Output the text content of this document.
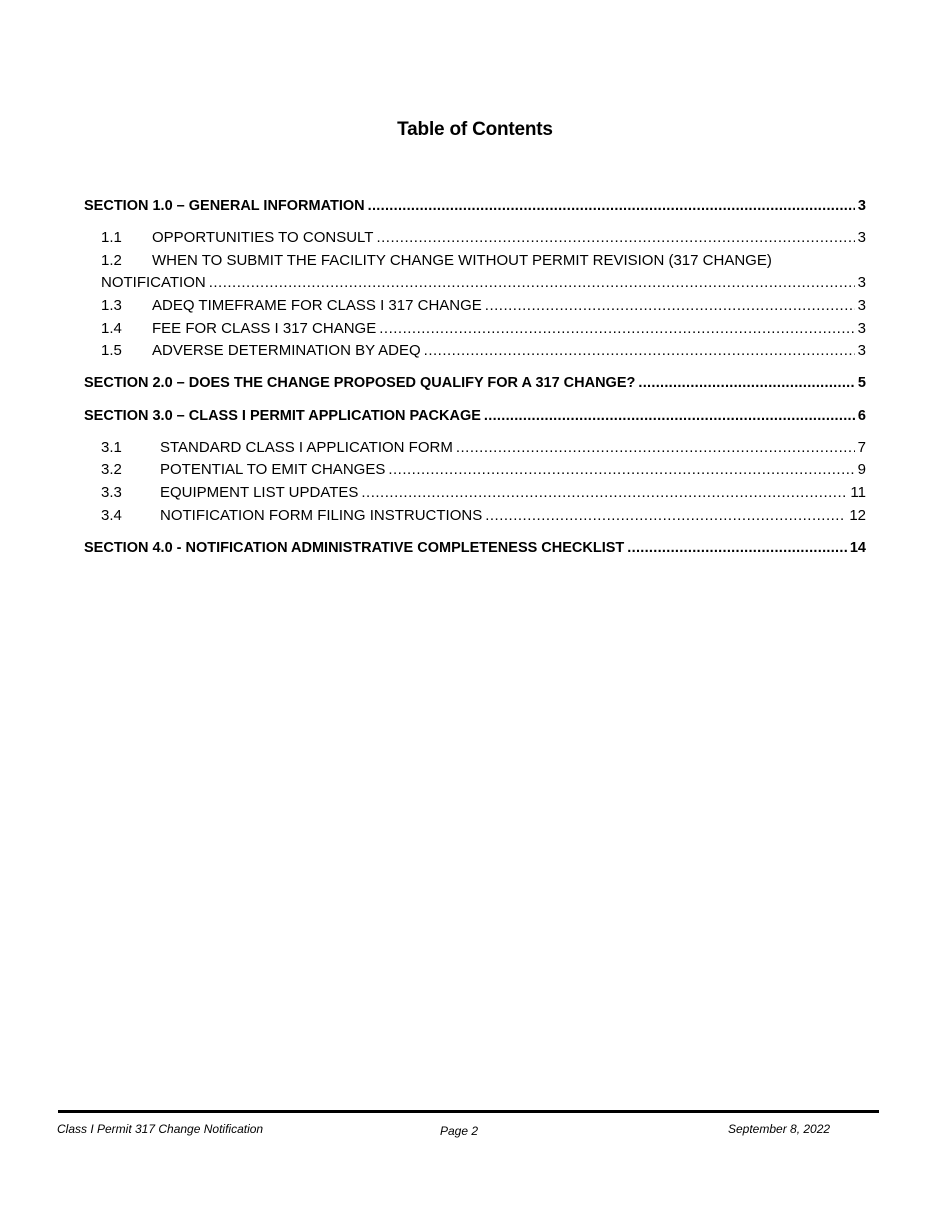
Table of Contents
SECTION 1.0 – GENERAL INFORMATION .....	3
1.1	OPPORTUNITIES TO CONSULT .....	3
1.2 WHEN TO SUBMIT THE FACILITY CHANGE WITHOUT PERMIT REVISION (317 CHANGE)
NOTIFICATION .....	3
1.3	ADEQ TIMEFRAME FOR CLASS I 317 CHANGE .....	3
1.4	FEE FOR CLASS I 317 CHANGE .....	3
1.5	ADVERSE DETERMINATION BY ADEQ .....	3
SECTION 2.0 – DOES THE CHANGE PROPOSED QUALIFY FOR A 317 CHANGE? .....	5
SECTION 3.0 – CLASS I PERMIT APPLICATION PACKAGE .....	6
3.1	STANDARD CLASS I APPLICATION FORM .....	7
3.2	POTENTIAL TO EMIT CHANGES .....	9
3.3	EQUIPMENT LIST UPDATES .....	11
3.4	NOTIFICATION FORM FILING INSTRUCTIONS .....	12
SECTION 4.0 - NOTIFICATION ADMINISTRATIVE COMPLETENESS CHECKLIST .....	14
Class I Permit 317 Change Notification	Page 2	September 8, 2022
